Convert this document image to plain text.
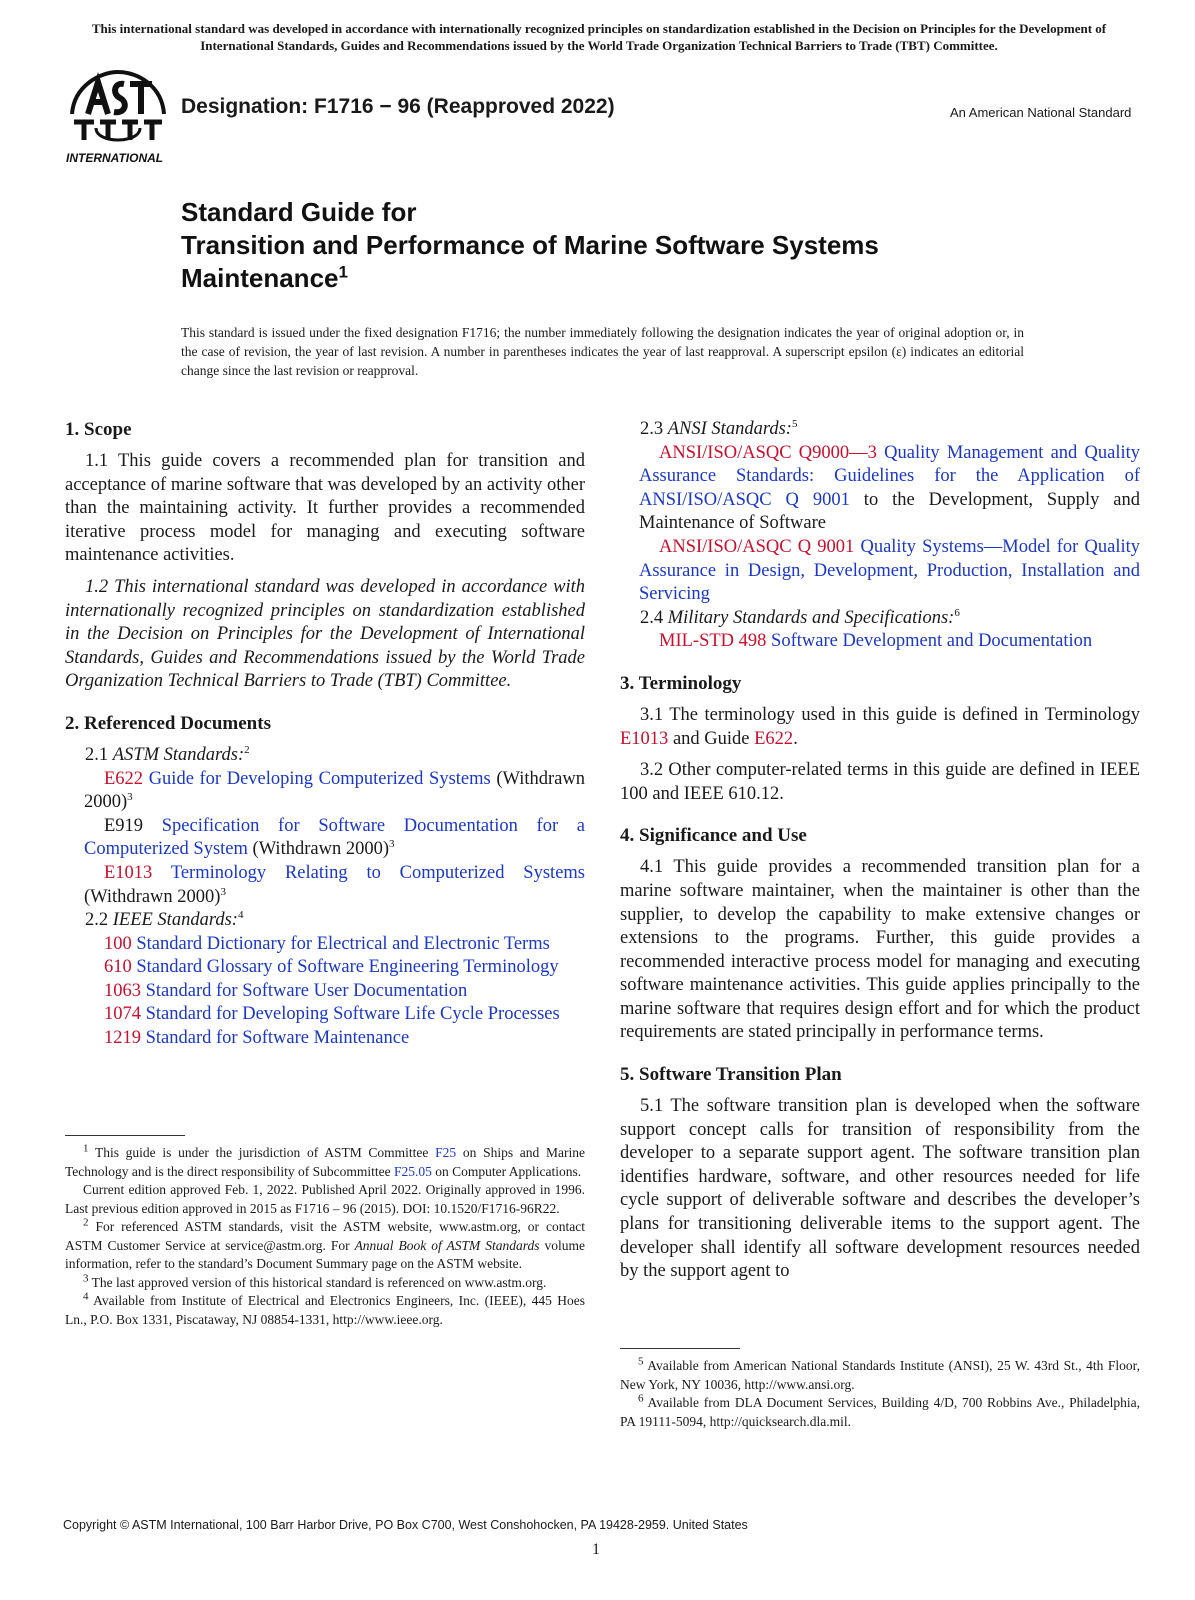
This international standard was developed in accordance with internationally recognized principles on standardization established in the Decision on Principles for the Development of International Standards, Guides and Recommendations issued by the World Trade Organization Technical Barriers to Trade (TBT) Committee.
INTERNATIONAL
Designation: F1716 − 96 (Reapproved 2022)	An American National Standard
Standard Guide for
Transition and Performance of Marine Software Systems
Maintenance$^1$
This standard is issued under the fixed designation F1716; the number immediately following the designation indicates the year of original adoption or, in the case of revision, the year of last revision. A number in parentheses indicates the year of last reapproval. A superscript epsilon (ε) indicates an editorial change since the last revision or reapproval.
1. Scope

1.1 This guide covers a recommended plan for transition and acceptance of marine software that was developed by an activity other than the maintaining activity. It further provides a recommended iterative process model for managing and executing software maintenance activities.

1.2 This international standard was developed in accordance with internationally recognized principles on standardization established in the Decision on Principles for the Development of International Standards, Guides and Recommendations issued by the World Trade Organization Technical Barriers to Trade (TBT) Committee.

2. Referenced Documents

2.1 ASTM Standards:$^2$

E622 Guide for Developing Computerized Systems (Withdrawn 2000)$^3$

E919 Specification for Software Documentation for a Computerized System (Withdrawn 2000)$^3$

E1013 Terminology Relating to Computerized Systems (Withdrawn 2000)$^3$

2.2 IEEE Standards:$^4$

100 Standard Dictionary for Electrical and Electronic Terms

610 Standard Glossary of Software Engineering Terminology

1063 Standard for Software User Documentation

1074 Standard for Developing Software Life Cycle Processes

1219 Standard for Software Maintenance

$^1$ This guide is under the jurisdiction of ASTM Committee F25 on Ships and Marine Technology and is the direct responsibility of Subcommittee F25.05 on Computer Applications.

Current edition approved Feb. 1, 2022. Published April 2022. Originally approved in 1996. Last previous edition approved in 2015 as F1716 – 96 (2015). DOI: 10.1520/F1716-96R22.

$^2$ For referenced ASTM standards, visit the ASTM website, www.astm.org, or contact ASTM Customer Service at service@astm.org. For Annual Book of ASTM Standards volume information, refer to the standard’s Document Summary page on the ASTM website.

$^3$ The last approved version of this historical standard is referenced on www.astm.org.

$^4$ Available from Institute of Electrical and Electronics Engineers, Inc. (IEEE), 445 Hoes Ln., P.O. Box 1331, Piscataway, NJ 08854-1331, http://www.ieee.org.

2.3 ANSI Standards:$^5$

ANSI/ISO/ASQC Q9000—3 Quality Management and Quality Assurance Standards: Guidelines for the Application of ANSI/ISO/ASQC Q 9001 to the Development, Supply and Maintenance of Software

ANSI/ISO/ASQC Q 9001 Quality Systems—Model for Quality Assurance in Design, Development, Production, Installation and Servicing

2.4 Military Standards and Specifications:$^6$

MIL-STD 498 Software Development and Documentation

3. Terminology

3.1 The terminology used in this guide is defined in Terminology E1013 and Guide E622.

3.2 Other computer-related terms in this guide are defined in IEEE 100 and IEEE 610.12.

4. Significance and Use

4.1 This guide provides a recommended transition plan for a marine software maintainer, when the maintainer is other than the supplier, to develop the capability to make extensive changes or extensions to the programs. Further, this guide provides a recommended interactive process model for managing and executing software maintenance activities. This guide applies principally to the marine software that requires design effort and for which the product requirements are stated principally in performance terms.

5. Software Transition Plan

5.1 The software transition plan is developed when the software support concept calls for transition of responsibility from the developer to a separate support agent. The software transition plan identifies hardware, software, and other resources needed for life cycle support of deliverable software and describes the developer’s plans for transitioning deliverable items to the support agent. The developer shall identify all software development resources needed by the support agent to

$^5$ Available from American National Standards Institute (ANSI), 25 W. 43rd St., 4th Floor, New York, NY 10036, http://www.ansi.org.

$^6$ Available from DLA Document Services, Building 4/D, 700 Robbins Ave., Philadelphia, PA 19111-5094, http://quicksearch.dla.mil.

Copyright © ASTM International, 100 Barr Harbor Drive, PO Box C700, West Conshohocken, PA 19428-2959. United States
1
